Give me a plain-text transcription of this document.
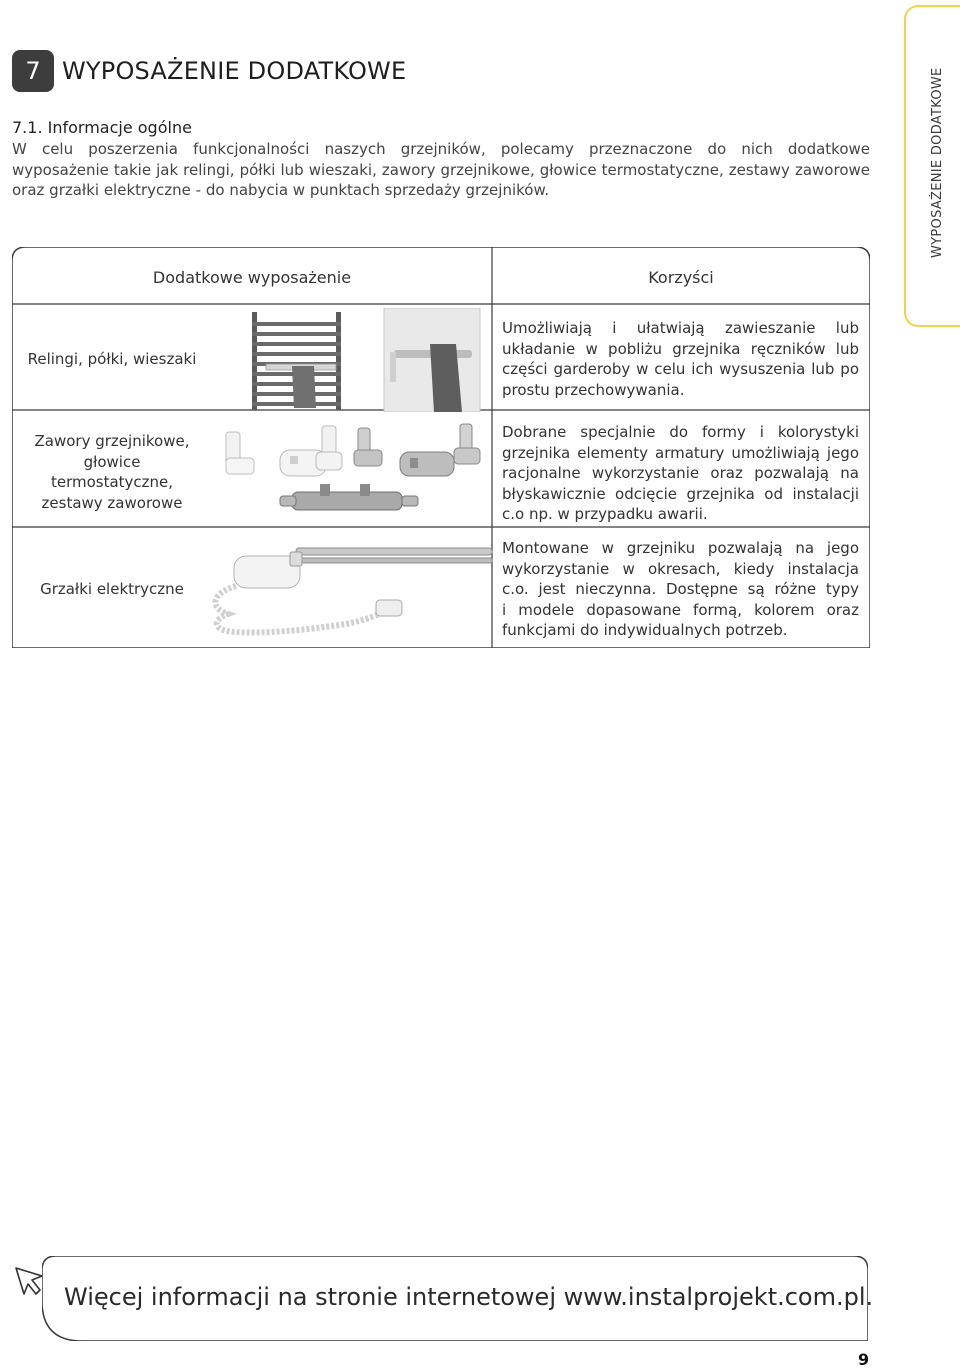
7 WYPOSAŻENIE DODATKOWE	WYPOSAŻENIE DODATKOWE
7.1. Informacje ogólne
W celu poszerzenia funkcjonalności naszych grzejników, polecamy przeznaczone do nich dodatkowe
wyposażenie takie jak relingi, półki lub wieszaki, zawory grzejnikowe, głowice termostatyczne, zestawy zaworowe
oraz grzałki elektryczne - do nabycia w punktach sprzedaży grzejników.
Dodatkowe wyposażenie	Korzyści
Relingi, półki, wieszaki
Umożliwiają i ułatwiają zawieszanie lub
układanie w pobliżu grzejnika ręczników lub
części garderoby w celu ich wysuszenia lub po
prostu przechowywania.
Zawory grzejnikowe,
głowice
termostatyczne,
zestawy zaworowe
Dobrane specjalnie do formy i kolorystyki
grzejnika elementy armatury umożliwiają jego
racjonalne wykorzystanie oraz pozwalają na
błyskawicznie odcięcie grzejnika od instalacji
c.o np. w przypadku awarii.
Grzałki elektryczne
Montowane w grzejniku pozwalają na jego
wykorzystanie w okresach, kiedy instalacja
c.o. jest nieczynna. Dostępne są różne typy
i modele dopasowane formą, kolorem oraz
funkcjami do indywidualnych potrzeb.
Więcej informacji na stronie internetowej www.instalprojekt.com.pl.
9
